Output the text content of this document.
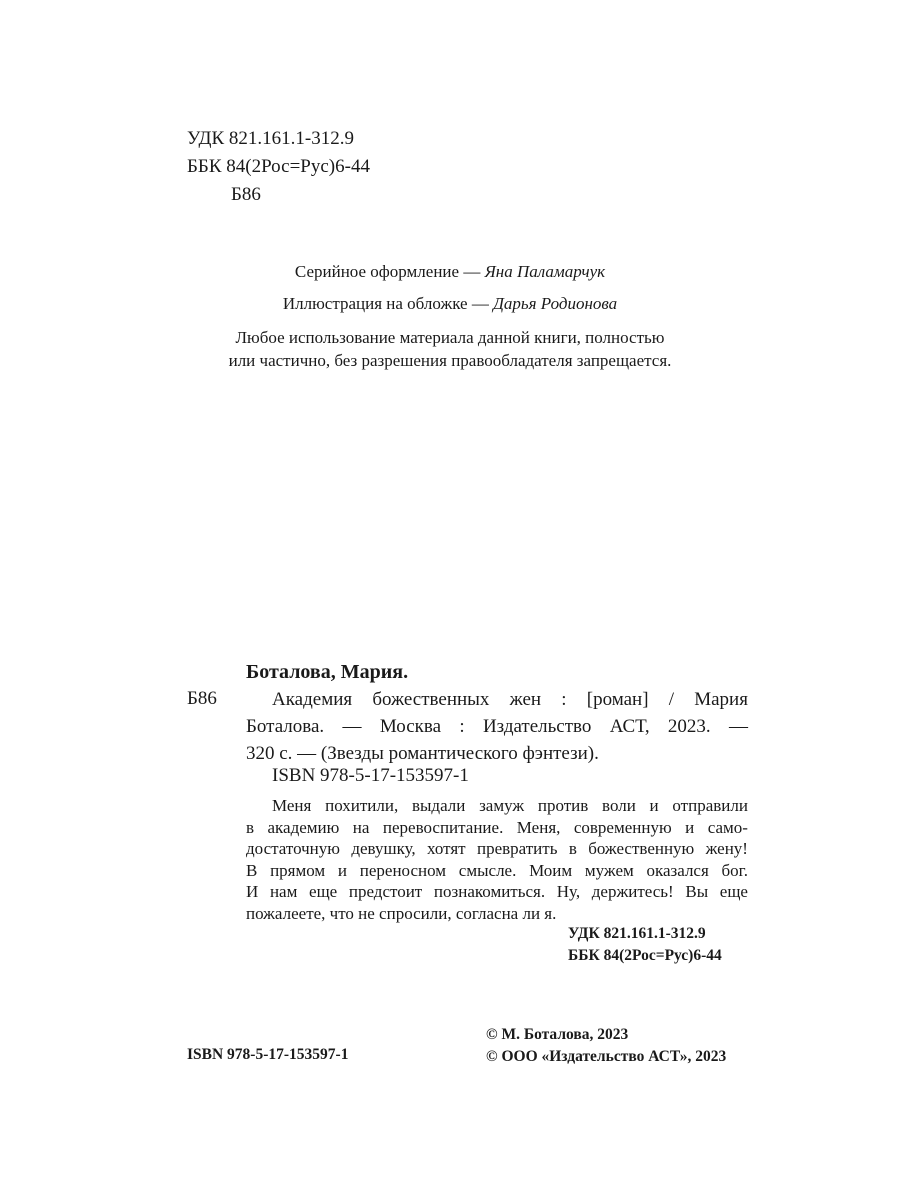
УДК 821.161.1-312.9
ББК 84(2Рос=Рус)6-44
Б86
Серийное оформление — Яна Паламарчук
Иллюстрация на обложке — Дарья Родионова
Любое использование материала данной книги, полностью
или частично, без разрешения правообладателя запрещается.
Боталова, Мария.
Б86	Академия божественных жен : [роман] / Мария
Боталова. — Москва : Издательство АСТ, 2023. —
320 с. — (Звезды романтического фэнтези).
ISBN 978-5-17-153597-1
Меня похитили, выдали замуж против воли и отправили
в академию на перевоспитание. Меня, современную и само-
достаточную девушку, хотят превратить в божественную жену!
В прямом и переносном смысле. Моим мужем оказался бог.
И нам еще предстоит познакомиться. Ну, держитесь! Вы еще
пожалеете, что не спросили, согласна ли я.
УДК 821.161.1-312.9
ББК 84(2Рос=Рус)6-44
© М. Боталова, 2023
© ООО «Издательство АСТ», 2023
ISBN 978-5-17-153597-1
